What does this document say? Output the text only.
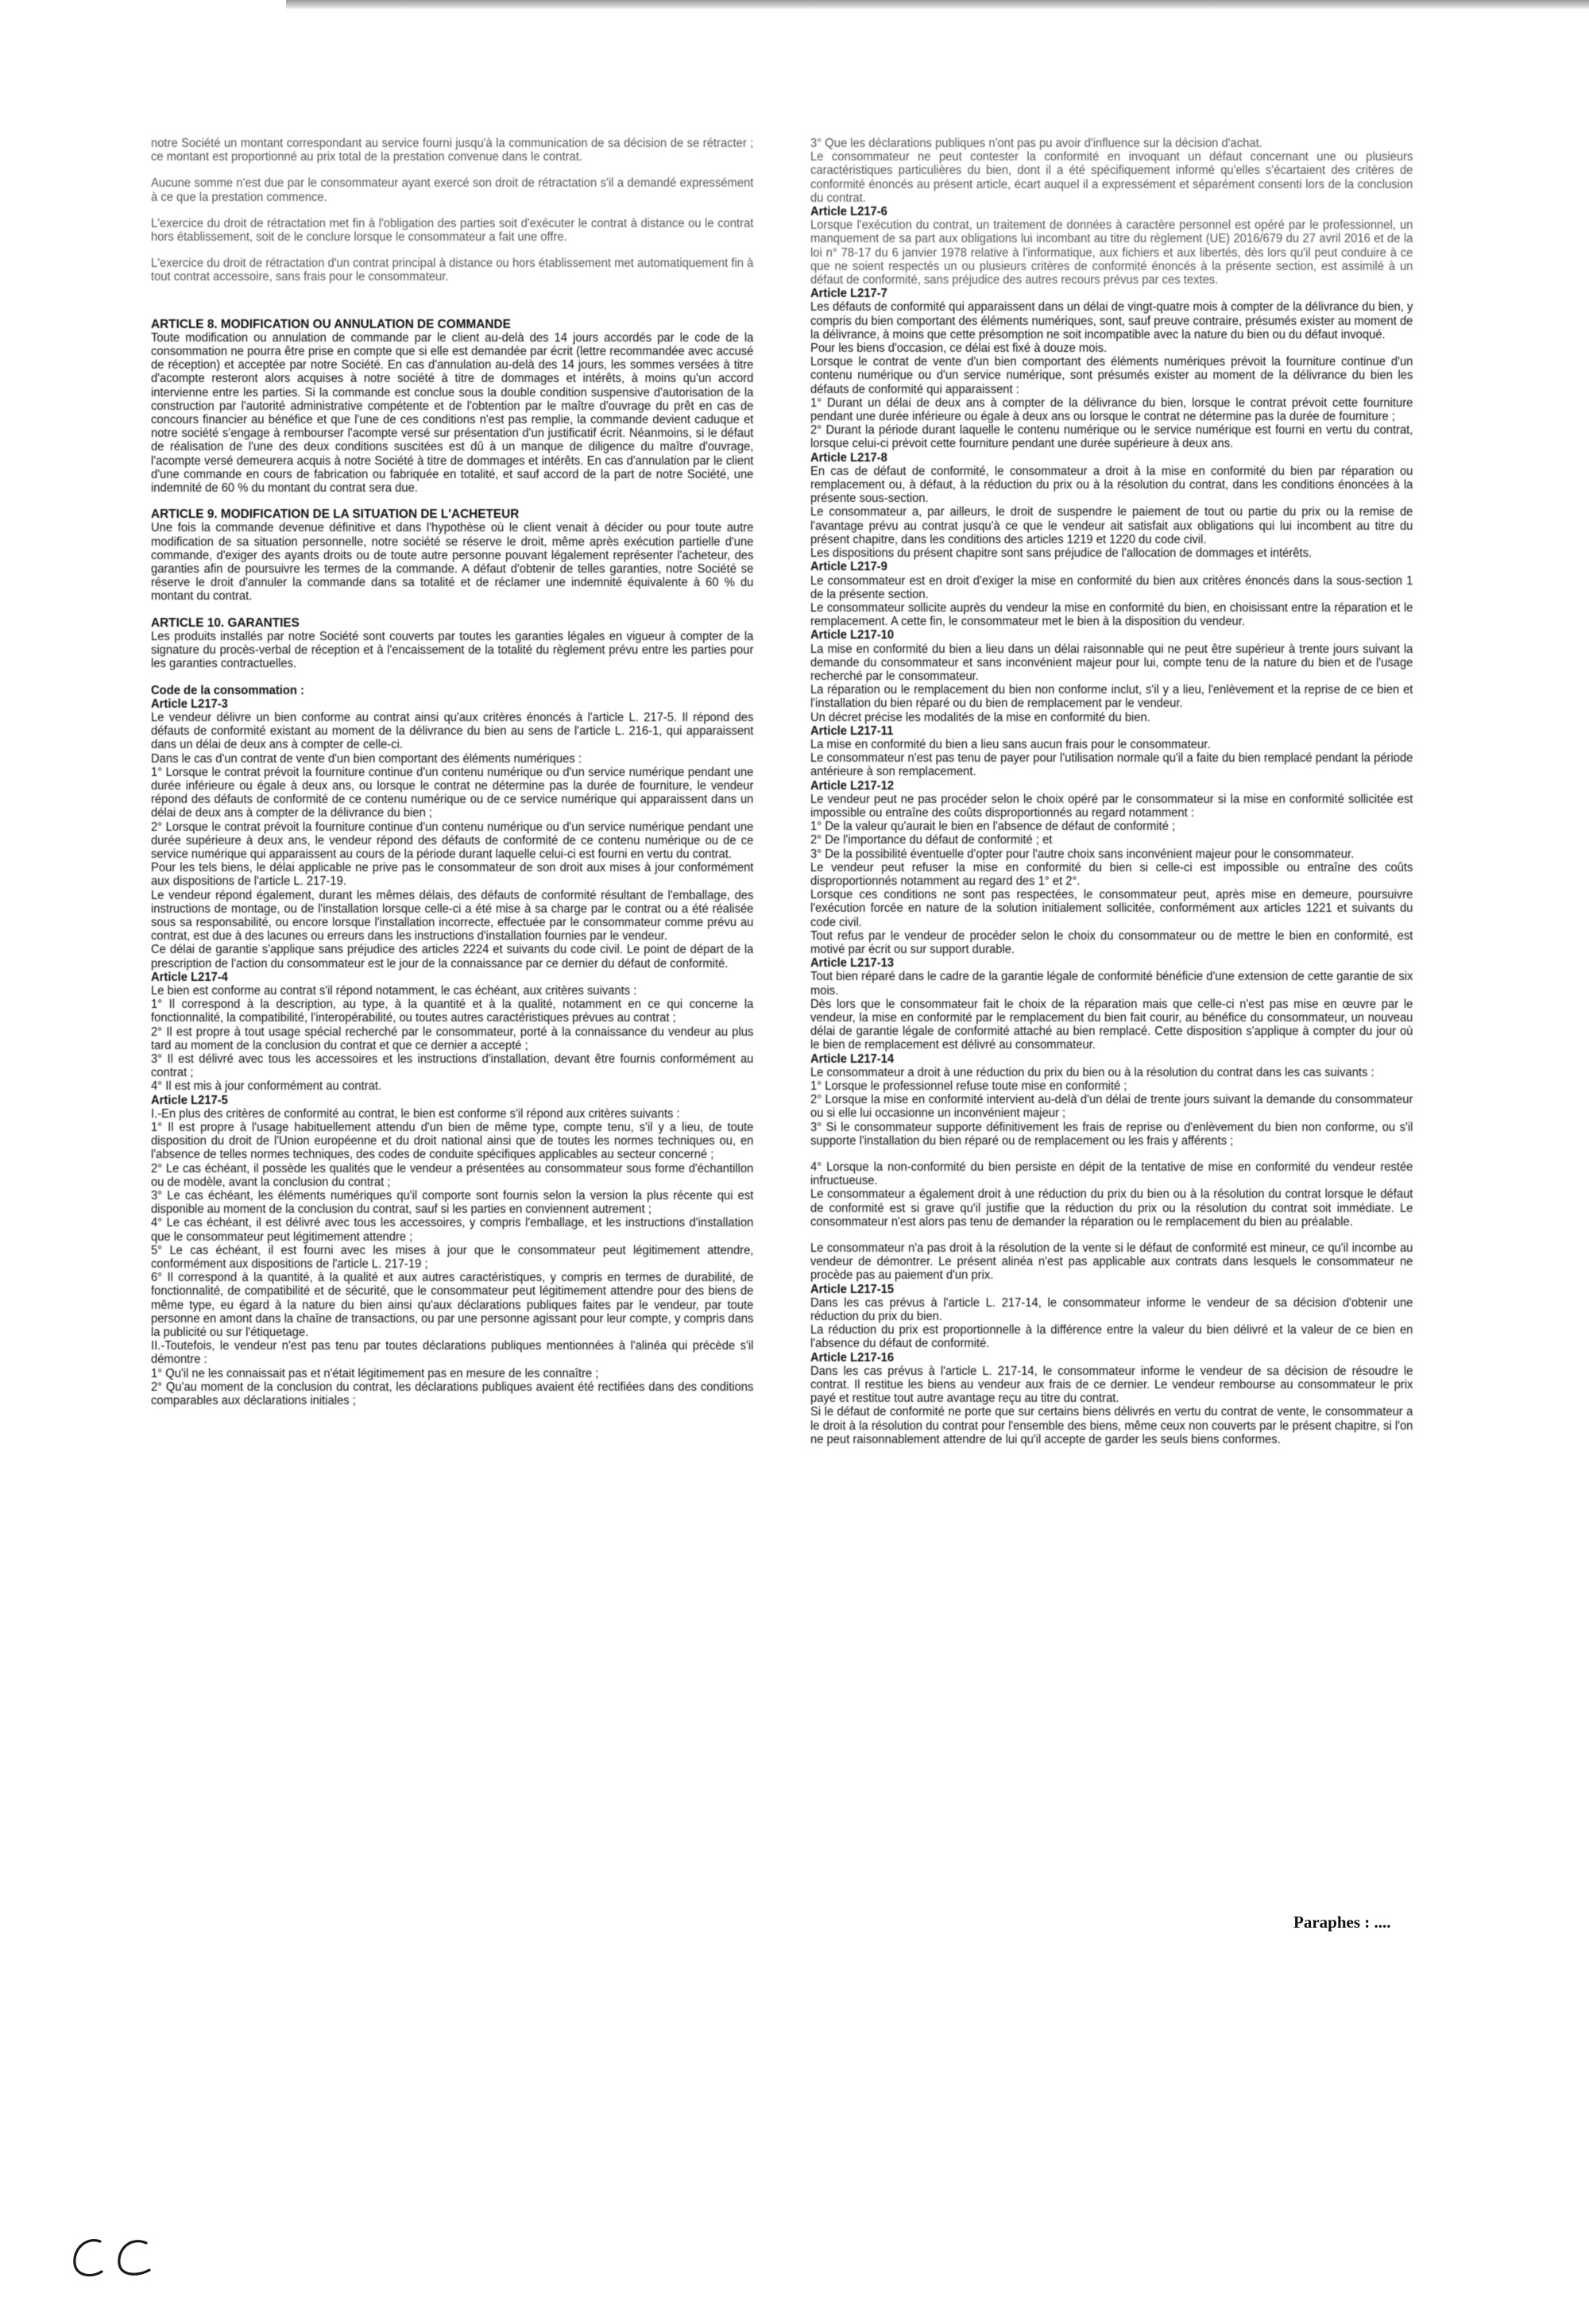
notre Société un montant correspondant au service fourni jusqu'à la communication de sa décision de se rétracter ; ce montant est proportionné au prix total de la prestation convenue dans le contrat.

Aucune somme n'est due par le consommateur ayant exercé son droit de rétractation s'il a demandé expressément à ce que la prestation commence.

L'exercice du droit de rétractation met fin à l'obligation des parties soit d'exécuter le contrat à distance ou le contrat hors établissement, soit de le conclure lorsque le consommateur a fait une offre.

L'exercice du droit de rétractation d'un contrat principal à distance ou hors établissement met automatiquement fin à tout contrat accessoire, sans frais pour le consommateur.

ARTICLE 8. MODIFICATION OU ANNULATION DE COMMANDE

Toute modification ou annulation de commande par le client au-delà des 14 jours accordés par le code de la consommation ne pourra être prise en compte que si elle est demandée par écrit (lettre recommandée avec accusé de réception) et acceptée par notre Société. En cas d'annulation au-delà des 14 jours, les sommes versées à titre d'acompte resteront alors acquises à notre société à titre de dommages et intérêts, à moins qu'un accord intervienne entre les parties. Si la commande est conclue sous la double condition suspensive d'autorisation de la construction par l'autorité administrative compétente et de l'obtention par le maître d'ouvrage du prêt en cas de concours financier au bénéfice et que l'une de ces conditions n'est pas remplie, la commande devient caduque et notre société s'engage à rembourser l'acompte versé sur présentation d'un justificatif écrit. Néanmoins, si le défaut de réalisation de l'une des deux conditions suscitées est dû à un manque de diligence du maître d'ouvrage, l'acompte versé demeurera acquis à notre Société à titre de dommages et intérêts. En cas d'annulation par le client d'une commande en cours de fabrication ou fabriquée en totalité, et sauf accord de la part de notre Société, une indemnité de 60 % du montant du contrat sera due.

ARTICLE 9. MODIFICATION DE LA SITUATION DE L'ACHETEUR

Une fois la commande devenue définitive et dans l'hypothèse où le client venait à décider ou pour toute autre modification de sa situation personnelle, notre société se réserve le droit, même après exécution partielle d'une commande, d'exiger des ayants droits ou de toute autre personne pouvant légalement représenter l'acheteur, des garanties afin de poursuivre les termes de la commande. A défaut d'obtenir de telles garanties, notre Société se réserve le droit d'annuler la commande dans sa totalité et de réclamer une indemnité équivalente à 60 % du montant du contrat.

ARTICLE 10. GARANTIES

Les produits installés par notre Société sont couverts par toutes les garanties légales en vigueur à compter de la signature du procès-verbal de réception et à l'encaissement de la totalité du règlement prévu entre les parties pour les garanties contractuelles.

Code de la consommation :

Article L217-3

Le vendeur délivre un bien conforme au contrat ainsi qu'aux critères énoncés à l'article L. 217-5. Il répond des défauts de conformité existant au moment de la délivrance du bien au sens de l'article L. 216-1, qui apparaissent dans un délai de deux ans à compter de celle-ci.

Dans le cas d'un contrat de vente d'un bien comportant des éléments numériques :

1° Lorsque le contrat prévoit la fourniture continue d'un contenu numérique ou d'un service numérique pendant une durée inférieure ou égale à deux ans, ou lorsque le contrat ne détermine pas la durée de fourniture, le vendeur répond des défauts de conformité de ce contenu numérique ou de ce service numérique qui apparaissent dans un délai de deux ans à compter de la délivrance du bien ;

2° Lorsque le contrat prévoit la fourniture continue d'un contenu numérique ou d'un service numérique pendant une durée supérieure à deux ans, le vendeur répond des défauts de conformité de ce contenu numérique ou de ce service numérique qui apparaissent au cours de la période durant laquelle celui-ci est fourni en vertu du contrat.

Pour les tels biens, le délai applicable ne prive pas le consommateur de son droit aux mises à jour conformément aux dispositions de l'article L. 217-19.

Le vendeur répond également, durant les mêmes délais, des défauts de conformité résultant de l'emballage, des instructions de montage, ou de l'installation lorsque celle-ci a été mise à sa charge par le contrat ou a été réalisée sous sa responsabilité, ou encore lorsque l'installation incorrecte, effectuée par le consommateur comme prévu au contrat, est due à des lacunes ou erreurs dans les instructions d'installation fournies par le vendeur.

Ce délai de garantie s'applique sans préjudice des articles 2224 et suivants du code civil. Le point de départ de la prescription de l'action du consommateur est le jour de la connaissance par ce dernier du défaut de conformité.

Article L217-4

Le bien est conforme au contrat s'il répond notamment, le cas échéant, aux critères suivants :

1° Il correspond à la description, au type, à la quantité et à la qualité, notamment en ce qui concerne la fonctionnalité, la compatibilité, l'interopérabilité, ou toutes autres caractéristiques prévues au contrat ;

2° Il est propre à tout usage spécial recherché par le consommateur, porté à la connaissance du vendeur au plus tard au moment de la conclusion du contrat et que ce dernier a accepté ;

3° Il est délivré avec tous les accessoires et les instructions d'installation, devant être fournis conformément au contrat ;

4° Il est mis à jour conformément au contrat.

Article L217-5

I.-En plus des critères de conformité au contrat, le bien est conforme s'il répond aux critères suivants :

1° Il est propre à l'usage habituellement attendu d'un bien de même type, compte tenu, s'il y a lieu, de toute disposition du droit de l'Union européenne et du droit national ainsi que de toutes les normes techniques ou, en l'absence de telles normes techniques, des codes de conduite spécifiques applicables au secteur concerné ;

2° Le cas échéant, il possède les qualités que le vendeur a présentées au consommateur sous forme d'échantillon ou de modèle, avant la conclusion du contrat ;

3° Le cas échéant, les éléments numériques qu'il comporte sont fournis selon la version la plus récente qui est disponible au moment de la conclusion du contrat, sauf si les parties en conviennent autrement ;

4° Le cas échéant, il est délivré avec tous les accessoires, y compris l'emballage, et les instructions d'installation que le consommateur peut légitimement attendre ;

5° Le cas échéant, il est fourni avec les mises à jour que le consommateur peut légitimement attendre, conformément aux dispositions de l'article L. 217-19 ;

6° Il correspond à la quantité, à la qualité et aux autres caractéristiques, y compris en termes de durabilité, de fonctionnalité, de compatibilité et de sécurité, que le consommateur peut légitimement attendre pour des biens de même type, eu égard à la nature du bien ainsi qu'aux déclarations publiques faites par le vendeur, par toute personne en amont dans la chaîne de transactions, ou par une personne agissant pour leur compte, y compris dans la publicité ou sur l'étiquetage.

II.-Toutefois, le vendeur n'est pas tenu par toutes déclarations publiques mentionnées à l'alinéa qui précède s'il démontre :

1° Qu'il ne les connaissait pas et n'était légitimement pas en mesure de les connaître ;

2° Qu'au moment de la conclusion du contrat, les déclarations publiques avaient été rectifiées dans des conditions comparables aux déclarations initiales ;

3° Que les déclarations publiques n'ont pas pu avoir d'influence sur la décision d'achat.

Le consommateur ne peut contester la conformité en invoquant un défaut concernant une ou plusieurs caractéristiques particulières du bien, dont il a été spécifiquement informé qu'elles s'écartaient des critères de conformité énoncés au présent article, écart auquel il a expressément et séparément consenti lors de la conclusion du contrat.

Article L217-6

Lorsque l'exécution du contrat, un traitement de données à caractère personnel est opéré par le professionnel, un manquement de sa part aux obligations lui incombant au titre du règlement (UE) 2016/679 du 27 avril 2016 et de la loi n° 78-17 du 6 janvier 1978 relative à l'informatique, aux fichiers et aux libertés, dès lors qu'il peut conduire à ce que ne soient respectés un ou plusieurs critères de conformité énoncés à la présente section, est assimilé à un défaut de conformité, sans préjudice des autres recours prévus par ces textes.

Article L217-7

Les défauts de conformité qui apparaissent dans un délai de vingt-quatre mois à compter de la délivrance du bien, y compris du bien comportant des éléments numériques, sont, sauf preuve contraire, présumés exister au moment de la délivrance, à moins que cette présomption ne soit incompatible avec la nature du bien ou du défaut invoqué.

Pour les biens d'occasion, ce délai est fixé à douze mois.

Lorsque le contrat de vente d'un bien comportant des éléments numériques prévoit la fourniture continue d'un contenu numérique ou d'un service numérique, sont présumés exister au moment de la délivrance du bien les défauts de conformité qui apparaissent :

1° Durant un délai de deux ans à compter de la délivrance du bien, lorsque le contrat prévoit cette fourniture pendant une durée inférieure ou égale à deux ans ou lorsque le contrat ne détermine pas la durée de fourniture ;

2° Durant la période durant laquelle le contenu numérique ou le service numérique est fourni en vertu du contrat, lorsque celui-ci prévoit cette fourniture pendant une durée supérieure à deux ans.

Article L217-8

En cas de défaut de conformité, le consommateur a droit à la mise en conformité du bien par réparation ou remplacement ou, à défaut, à la réduction du prix ou à la résolution du contrat, dans les conditions énoncées à la présente sous-section.

Le consommateur a, par ailleurs, le droit de suspendre le paiement de tout ou partie du prix ou la remise de l'avantage prévu au contrat jusqu'à ce que le vendeur ait satisfait aux obligations qui lui incombent au titre du présent chapitre, dans les conditions des articles 1219 et 1220 du code civil.

Les dispositions du présent chapitre sont sans préjudice de l'allocation de dommages et intérêts.

Article L217-9

Le consommateur est en droit d'exiger la mise en conformité du bien aux critères énoncés dans la sous-section 1 de la présente section.

Le consommateur sollicite auprès du vendeur la mise en conformité du bien, en choisissant entre la réparation et le remplacement. A cette fin, le consommateur met le bien à la disposition du vendeur.

Article L217-10

La mise en conformité du bien a lieu dans un délai raisonnable qui ne peut être supérieur à trente jours suivant la demande du consommateur et sans inconvénient majeur pour lui, compte tenu de la nature du bien et de l'usage recherché par le consommateur.

La réparation ou le remplacement du bien non conforme inclut, s'il y a lieu, l'enlèvement et la reprise de ce bien et l'installation du bien réparé ou du bien de remplacement par le vendeur.

Un décret précise les modalités de la mise en conformité du bien.

Article L217-11

La mise en conformité du bien a lieu sans aucun frais pour le consommateur.

Le consommateur n'est pas tenu de payer pour l'utilisation normale qu'il a faite du bien remplacé pendant la période antérieure à son remplacement.

Article L217-12

Le vendeur peut ne pas procéder selon le choix opéré par le consommateur si la mise en conformité sollicitée est impossible ou entraîne des coûts disproportionnés au regard notamment :

1° De la valeur qu'aurait le bien en l'absence de défaut de conformité ;

2° De l'importance du défaut de conformité ; et

3° De la possibilité éventuelle d'opter pour l'autre choix sans inconvénient majeur pour le consommateur.

Le vendeur peut refuser la mise en conformité du bien si celle-ci est impossible ou entraîne des coûts disproportionnés notamment au regard des 1° et 2°.

Lorsque ces conditions ne sont pas respectées, le consommateur peut, après mise en demeure, poursuivre l'exécution forcée en nature de la solution initialement sollicitée, conformément aux articles 1221 et suivants du code civil.

Tout refus par le vendeur de procéder selon le choix du consommateur ou de mettre le bien en conformité, est motivé par écrit ou sur support durable.

Article L217-13

Tout bien réparé dans le cadre de la garantie légale de conformité bénéficie d'une extension de cette garantie de six mois.

Dès lors que le consommateur fait le choix de la réparation mais que celle-ci n'est pas mise en œuvre par le vendeur, la mise en conformité par le remplacement du bien fait courir, au bénéfice du consommateur, un nouveau délai de garantie légale de conformité attaché au bien remplacé. Cette disposition s'applique à compter du jour où le bien de remplacement est délivré au consommateur.

Article L217-14

Le consommateur a droit à une réduction du prix du bien ou à la résolution du contrat dans les cas suivants :

1° Lorsque le professionnel refuse toute mise en conformité ;

2° Lorsque la mise en conformité intervient au-delà d'un délai de trente jours suivant la demande du consommateur ou si elle lui occasionne un inconvénient majeur ;

3° Si le consommateur supporte définitivement les frais de reprise ou d'enlèvement du bien non conforme, ou s'il supporte l'installation du bien réparé ou de remplacement ou les frais y afférents ;

4° Lorsque la non-conformité du bien persiste en dépit de la tentative de mise en conformité du vendeur restée infructueuse.

Le consommateur a également droit à une réduction du prix du bien ou à la résolution du contrat lorsque le défaut de conformité est si grave qu'il justifie que la réduction du prix ou la résolution du contrat soit immédiate. Le consommateur n'est alors pas tenu de demander la réparation ou le remplacement du bien au préalable.

Le consommateur n'a pas droit à la résolution de la vente si le défaut de conformité est mineur, ce qu'il incombe au vendeur de démontrer. Le présent alinéa n'est pas applicable aux contrats dans lesquels le consommateur ne procède pas au paiement d'un prix.

Article L217-15

Dans les cas prévus à l'article L. 217-14, le consommateur informe le vendeur de sa décision d'obtenir une réduction du prix du bien.

La réduction du prix est proportionnelle à la différence entre la valeur du bien délivré et la valeur de ce bien en l'absence du défaut de conformité.

Article L217-16

Dans les cas prévus à l'article L. 217-14, le consommateur informe le vendeur de sa décision de résoudre le contrat. Il restitue les biens au vendeur aux frais de ce dernier. Le vendeur rembourse au consommateur le prix payé et restitue tout autre avantage reçu au titre du contrat.

Si le défaut de conformité ne porte que sur certains biens délivrés en vertu du contrat de vente, le consommateur a le droit à la résolution du contrat pour l'ensemble des biens, même ceux non couverts par le présent chapitre, si l'on ne peut raisonnablement attendre de lui qu'il accepte de garder les seuls biens conformes.

Paraphes : ....
